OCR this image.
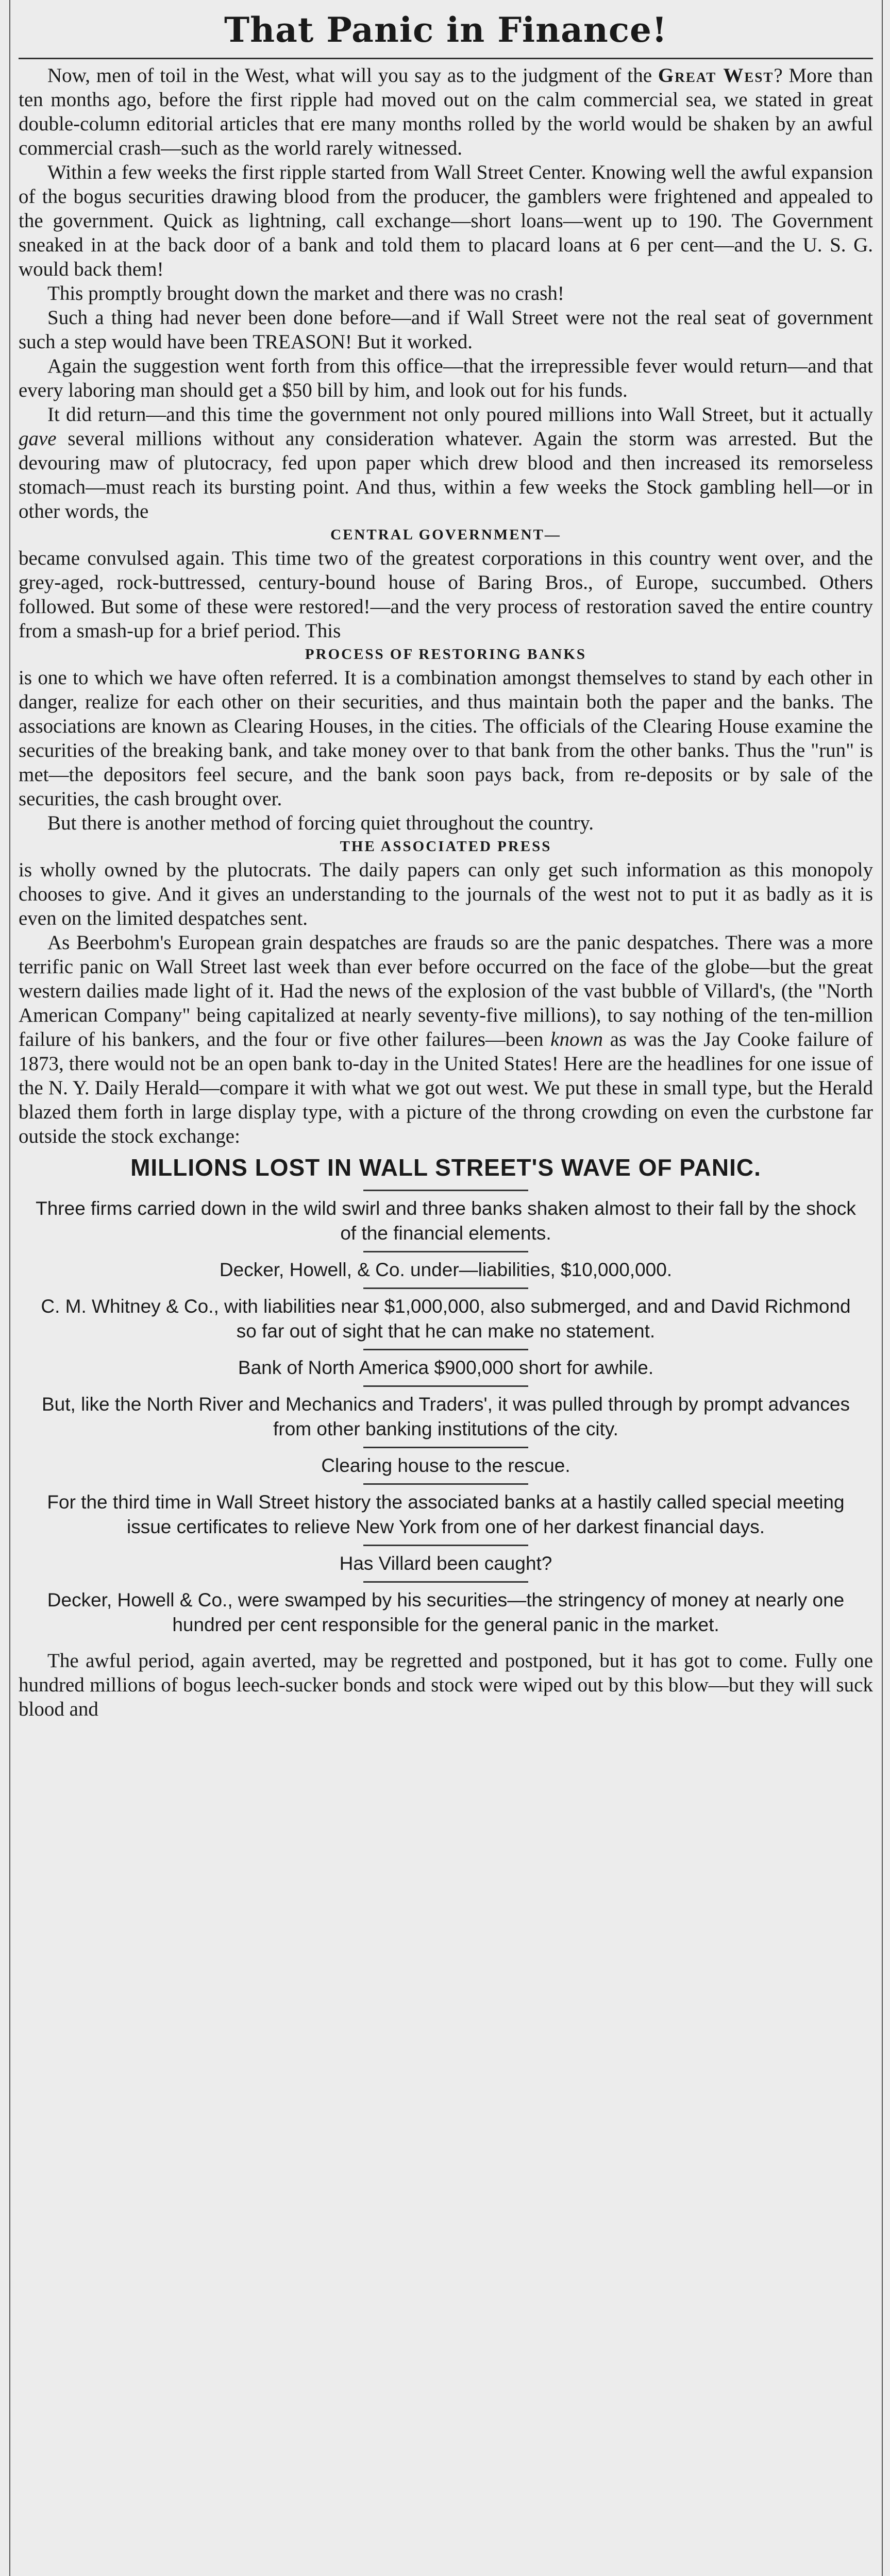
That Panic in Finance!

Now, men of toil in the West, what will you say as to the judgment of the Great West? More than ten months ago, before the first ripple had moved out on the calm commercial sea, we stated in great double-column editorial articles that ere many months rolled by the world would be shaken by an awful commercial crash—such as the world rarely witnessed.

Within a few weeks the first ripple started from Wall Street Center. Knowing well the awful expansion of the bogus securities drawing blood from the producer, the gamblers were frightened and appealed to the government. Quick as lightning, call exchange—short loans—went up to 190. The Government sneaked in at the back door of a bank and told them to placard loans at 6 per cent—and the U. S. G. would back them!

This promptly brought down the market and there was no crash!

Such a thing had never been done before—and if Wall Street were not the real seat of government such a step would have been TREASON! But it worked.

Again the suggestion went forth from this office—that the irrepressible fever would return—and that every laboring man should get a $50 bill by him, and look out for his funds.

It did return—and this time the government not only poured millions into Wall Street, but it actually gave several millions without any consideration whatever. Again the storm was arrested. But the devouring maw of plutocracy, fed upon paper which drew blood and then increased its remorseless stomach—must reach its bursting point. And thus, within a few weeks the Stock gambling hell—or in other words, the

CENTRAL GOVERNMENT—

became convulsed again. This time two of the greatest corporations in this country went over, and the grey-aged, rock-buttressed, century-bound house of Baring Bros., of Europe, succumbed. Others followed. But some of these were restored!—and the very process of restoration saved the entire country from a smash-up for a brief period. This

PROCESS OF RESTORING BANKS

is one to which we have often referred. It is a combination amongst themselves to stand by each other in danger, realize for each other on their securities, and thus maintain both the paper and the banks. The associations are known as Clearing Houses, in the cities. The officials of the Clearing House examine the securities of the breaking bank, and take money over to that bank from the other banks. Thus the "run" is met—the depositors feel secure, and the bank soon pays back, from re-deposits or by sale of the securities, the cash brought over.

But there is another method of forcing quiet throughout the country.

THE ASSOCIATED PRESS

is wholly owned by the plutocrats. The daily papers can only get such information as this monopoly chooses to give. And it gives an understanding to the journals of the west not to put it as badly as it is even on the limited despatches sent.

As Beerbohm's European grain despatches are frauds so are the panic despatches. There was a more terrific panic on Wall Street last week than ever before occurred on the face of the globe—but the great western dailies made light of it. Had the news of the explosion of the vast bubble of Villard's, (the "North American Company" being capitalized at nearly seventy-five millions), to say nothing of the ten-million failure of his bankers, and the four or five other failures—been known as was the Jay Cooke failure of 1873, there would not be an open bank to-day in the United States! Here are the headlines for one issue of the N. Y. Daily Herald—compare it with what we got out west. We put these in small type, but the Herald blazed them forth in large display type, with a picture of the throng crowding on even the curbstone far outside the stock exchange:

MILLIONS LOST IN WALL STREET'S WAVE OF PANIC.
Three firms carried down in the wild swirl and three banks shaken almost to their fall by the shock of the financial elements.
Decker, Howell, & Co. under—liabilities, $10,000,000.
C. M. Whitney & Co., with liabilities near $1,000,000, also submerged, and and David Richmond so far out of sight that he can make no statement.
Bank of North America $900,000 short for awhile.
But, like the North River and Mechanics and Traders', it was pulled through by prompt advances from other banking institutions of the city.
Clearing house to the rescue.
For the third time in Wall Street history the associated banks at a hastily called special meeting issue certificates to relieve New York from one of her darkest financial days.
Has Villard been caught?
Decker, Howell & Co., were swamped by his securities—the stringency of money at nearly one hundred per cent responsible for the general panic in the market.

The awful period, again averted, may be regretted and postponed, but it has got to come. Fully one hundred millions of bogus leech-sucker bonds and stock were wiped out by this blow—but they will suck blood and
